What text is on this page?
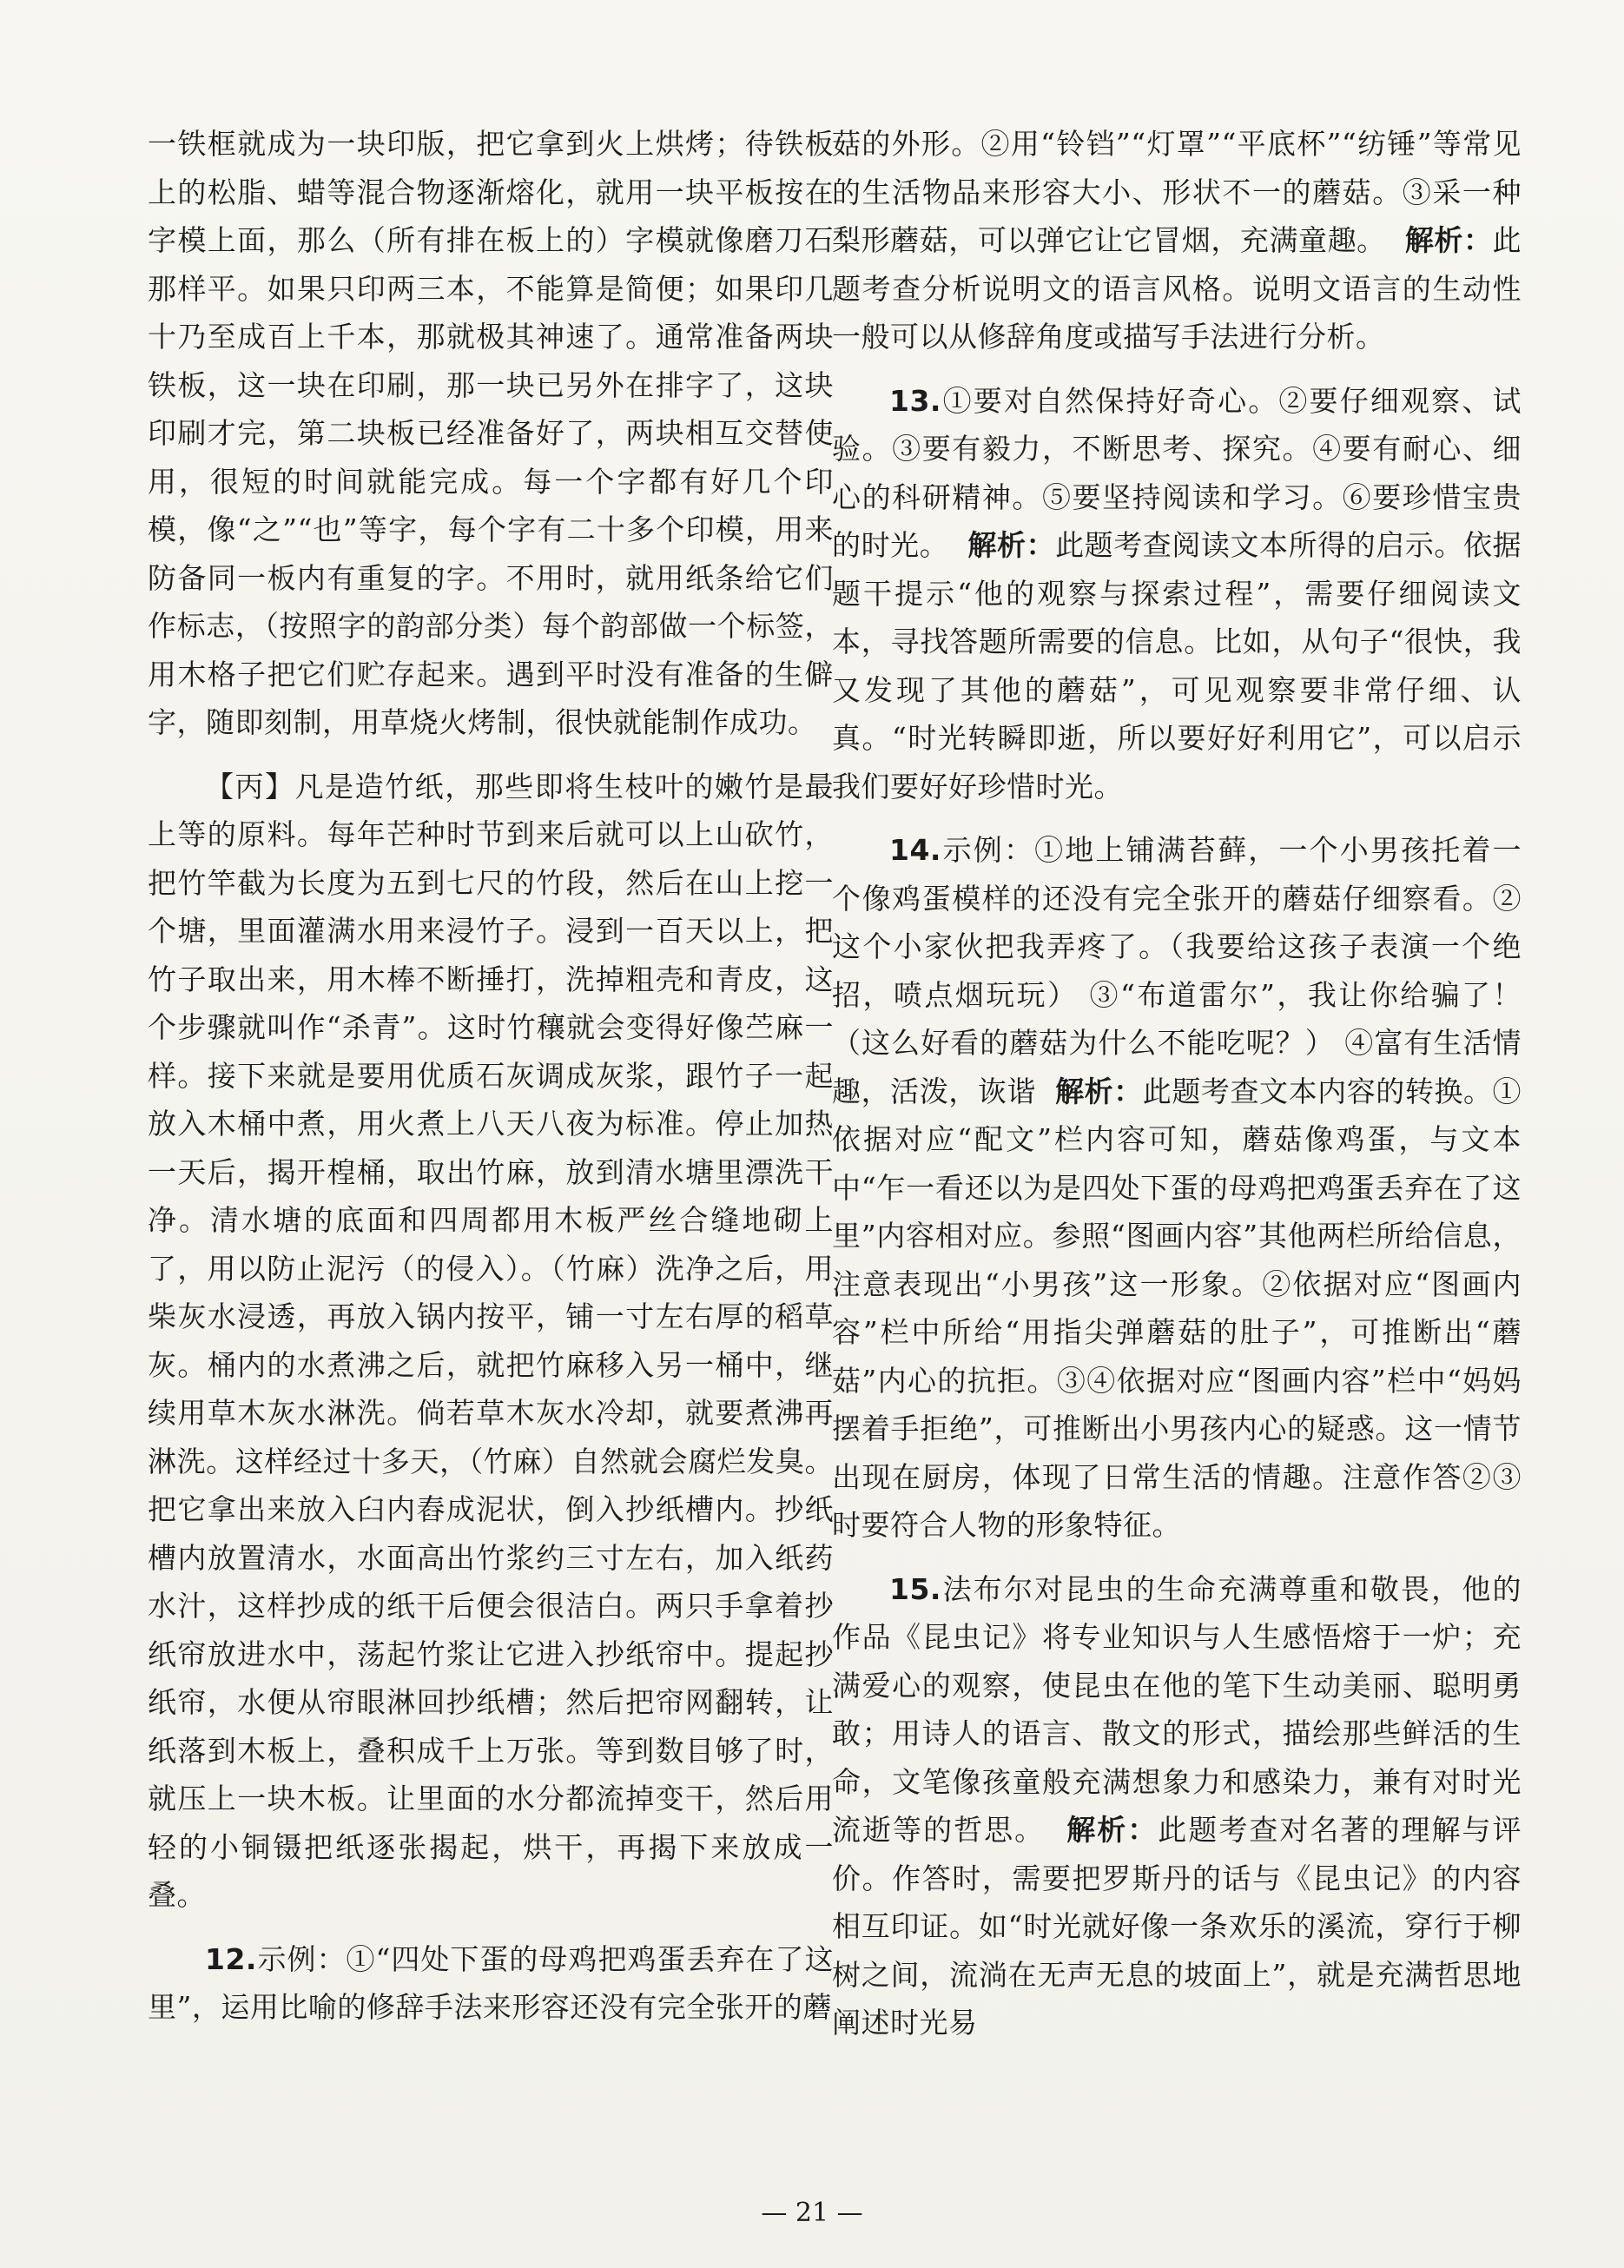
一铁框就成为一块印版，把它拿到火上烘烤；待铁板上的松脂、蜡等混合物逐渐熔化，就用一块平板按在字模上面，那么（所有排在板上的）字模就像磨刀石那样平。如果只印两三本，不能算是简便；如果印几十乃至成百上千本，那就极其神速了。通常准备两块铁板，这一块在印刷，那一块已另外在排字了，这块印刷才完，第二块板已经准备好了，两块相互交替使用，很短的时间就能完成。每一个字都有好几个印模，像“之”“也”等字，每个字有二十多个印模，用来防备同一板内有重复的字。不用时，就用纸条给它们作标志，（按照字的韵部分类）每个韵部做一个标签，用木格子把它们贮存起来。遇到平时没有准备的生僻字，随即刻制，用草烧火烤制，很快就能制作成功。

【丙】凡是造竹纸，那些即将生枝叶的嫩竹是最上等的原料。每年芒种时节到来后就可以上山砍竹，把竹竿截为长度为五到七尺的竹段，然后在山上挖一个塘，里面灌满水用来浸竹子。浸到一百天以上，把竹子取出来，用木棒不断捶打，洗掉粗壳和青皮，这个步骤就叫作“杀青”。这时竹穰就会变得好像苎麻一样。接下来就是要用优质石灰调成灰浆，跟竹子一起放入木桶中煮，用火煮上八天八夜为标准。停止加热一天后，揭开楻桶，取出竹麻，放到清水塘里漂洗干净。清水塘的底面和四周都用木板严丝合缝地砌上了，用以防止泥污（的侵入）。（竹麻）洗净之后，用柴灰水浸透，再放入锅内按平，铺一寸左右厚的稻草灰。桶内的水煮沸之后，就把竹麻移入另一桶中，继续用草木灰水淋洗。倘若草木灰水冷却，就要煮沸再淋洗。这样经过十多天，（竹麻）自然就会腐烂发臭。把它拿出来放入臼内舂成泥状，倒入抄纸槽内。抄纸槽内放置清水，水面高出竹浆约三寸左右，加入纸药水汁，这样抄成的纸干后便会很洁白。两只手拿着抄纸帘放进水中，荡起竹浆让它进入抄纸帘中。提起抄纸帘，水便从帘眼淋回抄纸槽；然后把帘网翻转，让纸落到木板上，叠积成千上万张。等到数目够了时，就压上一块木板。让里面的水分都流掉变干，然后用轻的小铜镊把纸逐张揭起，烘干，再揭下来放成一叠。

12.示例：①“四处下蛋的母鸡把鸡蛋丢弃在了这里”，运用比喻的修辞手法来形容还没有完全张开的蘑

菇的外形。②用“铃铛”“灯罩”“平底杯”“纺锤”等常见的生活物品来形容大小、形状不一的蘑菇。③采一种梨形蘑菇，可以弹它让它冒烟，充满童趣。 解析：此题考查分析说明文的语言风格。说明文语言的生动性一般可以从修辞角度或描写手法进行分析。

13.①要对自然保持好奇心。②要仔细观察、试验。③要有毅力，不断思考、探究。④要有耐心、细心的科研精神。⑤要坚持阅读和学习。⑥要珍惜宝贵的时光。 解析：此题考查阅读文本所得的启示。依据题干提示“他的观察与探索过程”，需要仔细阅读文本，寻找答题所需要的信息。比如，从句子“很快，我又发现了其他的蘑菇”，可见观察要非常仔细、认真。“时光转瞬即逝，所以要好好利用它”，可以启示我们要好好珍惜时光。

14.示例：①地上铺满苔藓，一个小男孩托着一个像鸡蛋模样的还没有完全张开的蘑菇仔细察看。②这个小家伙把我弄疼了。（我要给这孩子表演一个绝招，喷点烟玩玩） ③“布道雷尔”，我让你给骗了！（这么好看的蘑菇为什么不能吃呢？） ④富有生活情趣，活泼，诙谐 解析：此题考查文本内容的转换。①依据对应“配文”栏内容可知，蘑菇像鸡蛋，与文本中“乍一看还以为是四处下蛋的母鸡把鸡蛋丢弃在了这里”内容相对应。参照“图画内容”其他两栏所给信息，注意表现出“小男孩”这一形象。②依据对应“图画内容”栏中所给“用指尖弹蘑菇的肚子”，可推断出“蘑菇”内心的抗拒。③④依据对应“图画内容”栏中“妈妈摆着手拒绝”，可推断出小男孩内心的疑惑。这一情节出现在厨房，体现了日常生活的情趣。注意作答②③时要符合人物的形象特征。

15.法布尔对昆虫的生命充满尊重和敬畏，他的作品《昆虫记》将专业知识与人生感悟熔于一炉；充满爱心的观察，使昆虫在他的笔下生动美丽、聪明勇敢；用诗人的语言、散文的形式，描绘那些鲜活的生命，文笔像孩童般充满想象力和感染力，兼有对时光流逝等的哲思。 解析：此题考查对名著的理解与评价。作答时，需要把罗斯丹的话与《昆虫记》的内容相互印证。如“时光就好像一条欢乐的溪流，穿行于柳树之间，流淌在无声无息的坡面上”，就是充满哲思地阐述时光易

— 21 —
